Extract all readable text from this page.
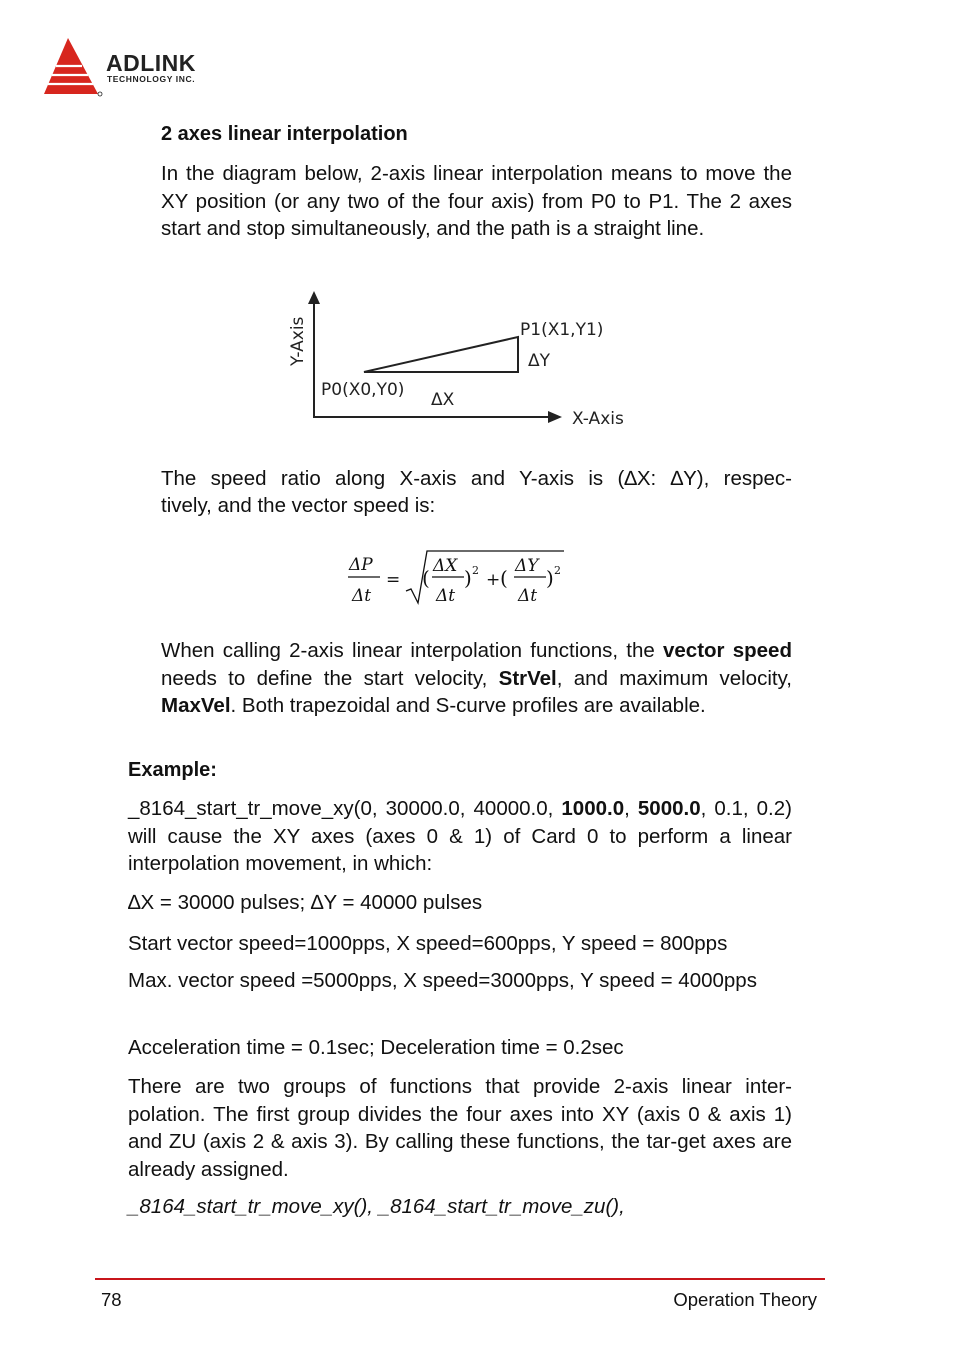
ADLINK
TECHNOLOGY INC.
2 axes linear interpolation

In the diagram below, 2-axis linear interpolation means to move the XY position (or any two of the four axis) from P0 to P1. The 2 axes start and stop simultaneously, and the path is a straight line.

Y-Axis
X-Axis
P0(X0,Y0)
P1(X1,Y1)
ΔX
ΔY
The speed ratio along X-axis and Y-axis is (∆X: ∆Y), respec-
tively, and the vector speed is:
ΔP
Δt
= ( ΔX
Δt
) 2 + ( ΔY
Δt
) 2

When calling 2-axis linear interpolation functions, the vector speed needs to define the start velocity, StrVel, and maximum velocity, MaxVel. Both trapezoidal and S-curve profiles are available.

Example:

_8164_start_tr_move_xy(0, 30000.0, 40000.0, 1000.0, 5000.0, 0.1, 0.2) will cause the XY axes (axes 0 & 1) of Card 0 to perform a linear interpolation movement, in which:

∆X = 30000 pulses; ∆Y = 40000 pulses

Start vector speed=1000pps, X speed=600pps, Y speed = 800pps

Max. vector speed =5000pps, X speed=3000pps, Y speed = 4000pps

Acceleration time = 0.1sec; Deceleration time = 0.2sec

There are two groups of functions that provide 2-axis linear inter-polation. The first group divides the four axes into XY (axis 0 & axis 1) and ZU (axis 2 & axis 3). By calling these functions, the tar-get axes are already assigned.

_8164_start_tr_move_xy(), _8164_start_tr_move_zu(),

78	Operation Theory
